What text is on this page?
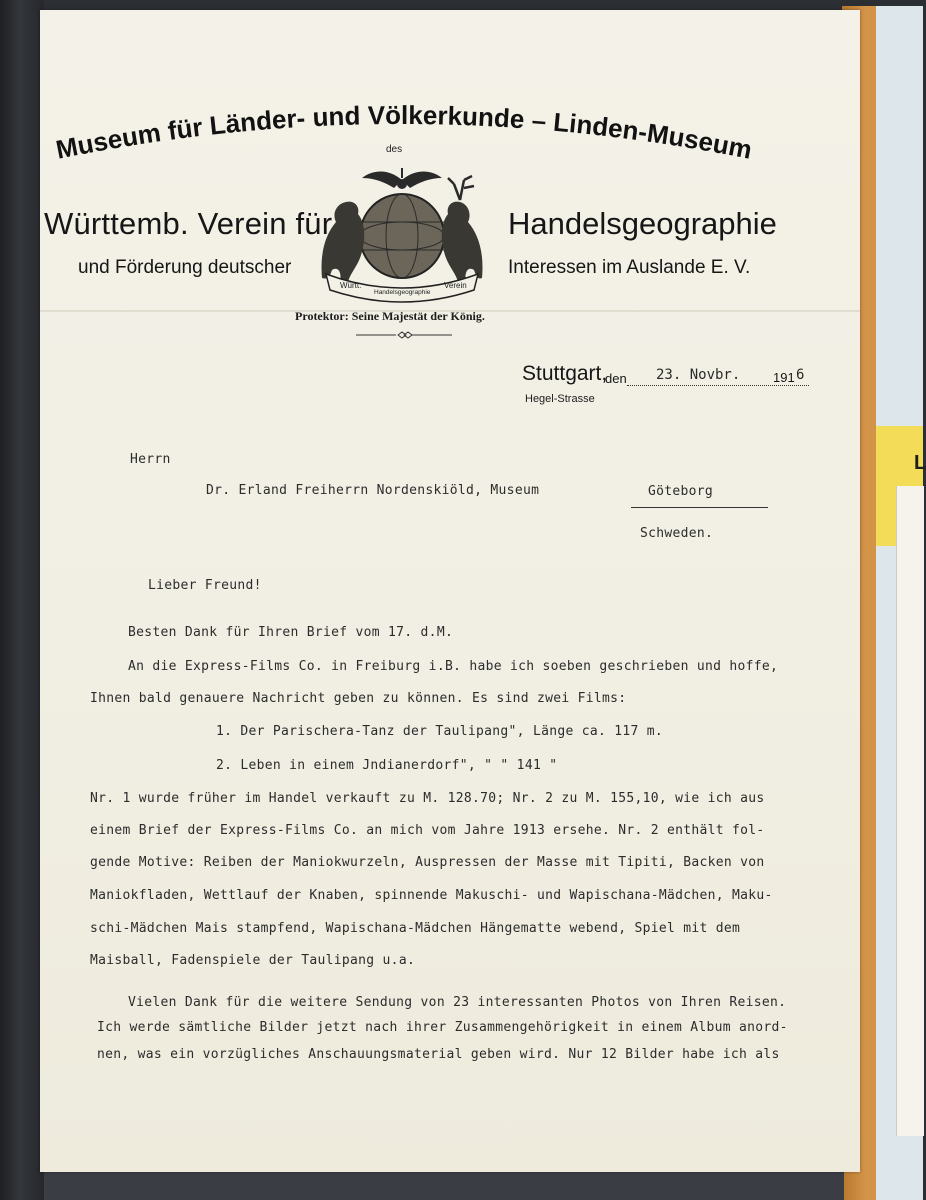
L
Museum für Länder- und Völkerkunde – Linden-Museum
des
Württemb. Verein für
und Förderung deutscher
Handelsgeographie
Interessen im Auslande E. V.
Württ.
Handelsgeographie
Verein
Protektor: Seine Majestät der König.
Stuttgart,
den 23. Novbr.	191 6
Hegel-Strasse
Herrn
Dr. Erland Freiherrn Nordenskiöld, Museum	Göteborg
Schweden.
Lieber Freund!
Besten Dank für Ihren Brief vom 17. d.M.
An die Express-Films Co. in Freiburg i.B. habe ich soeben geschrieben und hoffe,
Ihnen bald genauere Nachricht geben zu können. Es sind zwei Films:
1. Der Parischera-Tanz der Taulipang", Länge ca. 117 m.
2. Leben in einem Jndianerdorf", " " 141 "
Nr. 1 wurde früher im Handel verkauft zu M. 128.70; Nr. 2 zu M. 155,10, wie ich aus
einem Brief der Express-Films Co. an mich vom Jahre 1913 ersehe. Nr. 2 enthält fol-
gende Motive: Reiben der Maniokwurzeln, Auspressen der Masse mit Tipiti, Backen von
Maniokfladen, Wettlauf der Knaben, spinnende Makuschi- und Wapischana-Mädchen, Maku-
schi-Mädchen Mais stampfend, Wapischana-Mädchen Hängematte webend, Spiel mit dem
Maisball, Fadenspiele der Taulipang u.a.
Vielen Dank für die weitere Sendung von 23 interessanten Photos von Ihren Reisen.
Ich werde sämtliche Bilder jetzt nach ihrer Zusammengehörigkeit in einem Album anord-
nen, was ein vorzügliches Anschauungsmaterial geben wird. Nur 12 Bilder habe ich als
